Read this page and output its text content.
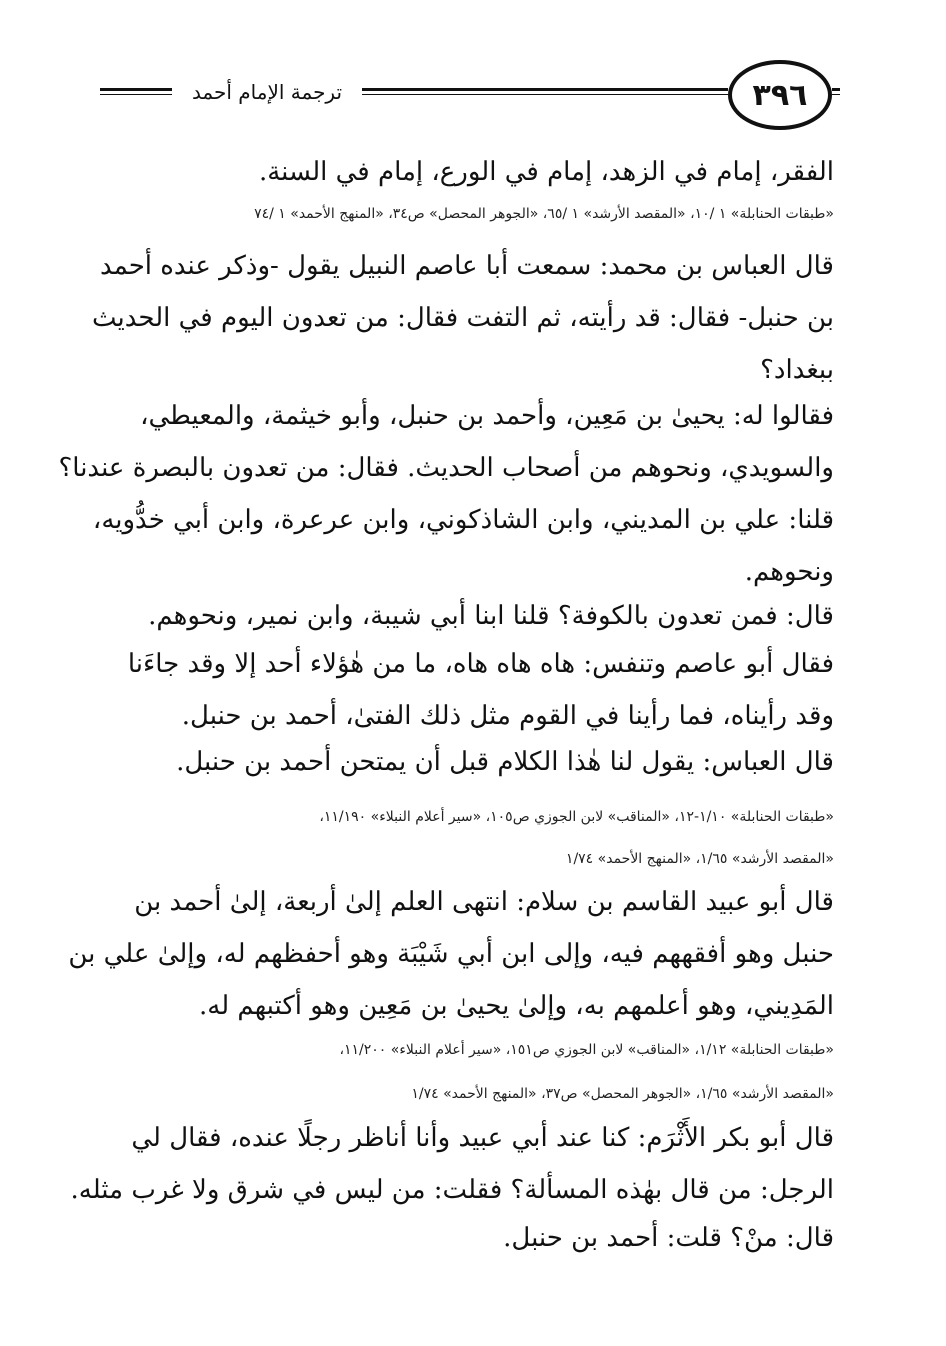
ترجمة الإمام أحمد	٣٩٦
الفقر، إمام في الزهد، إمام في الورع، إمام في السنة.
«طبقات الحنابلة» ١ /١٠، «المقصد الأرشد» ١ /٦٥، «الجوهر المحصل» ص٣٤، «المنهج الأحمد» ١ /٧٤
قال العباس بن محمد: سمعت أبا عاصم النبيل يقول -وذكر عنده أحمد
بن حنبل- فقال: قد رأيته، ثم التفت فقال: من تعدون اليوم في الحديث
ببغداد؟
فقالوا له: يحيىٰ بن مَعِين، وأحمد بن حنبل، وأبو خيثمة، والمعيطي،
والسويدي، ونحوهم من أصحاب الحديث. فقال: من تعدون بالبصرة عندنا؟
قلنا: علي بن المديني، وابن الشاذكوني، وابن عرعرة، وابن أبي خدُّويه،
ونحوهم.
قال: فمن تعدون بالكوفة؟ قلنا ابنا أبي شيبة، وابن نمير، ونحوهم.
فقال أبو عاصم وتنفس: هاه هاه هاه، ما من هٰؤلاء أحد إلا وقد جاءَنا
وقد رأيناه، فما رأينا في القوم مثل ذلك الفتىٰ، أحمد بن حنبل.
قال العباس: يقول لنا هٰذا الكلام قبل أن يمتحن أحمد بن حنبل.
«طبقات الحنابلة» ١/١٠-١٢، «المناقب» لابن الجوزي ص١٠٥، «سير أعلام النبلاء» ١١/١٩٠،
«المقصد الأرشد» ١/٦٥، «المنهج الأحمد» ١/٧٤
قال أبو عبيد القاسم بن سلام: انتهى العلم إلىٰ أربعة، إلىٰ أحمد بن
حنبل وهو أفقههم فيه، وإلى ابن أبي شَيْبَة وهو أحفظهم له، وإلىٰ علي بن
المَدِيني، وهو أعلمهم به، وإلىٰ يحيىٰ بن مَعِين وهو أكتبهم له.
«طبقات الحنابلة» ١/١٢، «المناقب» لابن الجوزي ص١٥١، «سير أعلام النبلاء» ١١/٢٠٠،
«المقصد الأرشد» ١/٦٥، «الجوهر المحصل» ص٣٧، «المنهج الأحمد» ١/٧٤
قال أبو بكر الأَثْرَم: كنا عند أبي عبيد وأنا أناظر رجلًا عنده، فقال لي
الرجل: من قال بهٰذه المسألة؟ فقلت: من ليس في شرق ولا غرب مثله.
قال: منْ؟ قلت: أحمد بن حنبل.
